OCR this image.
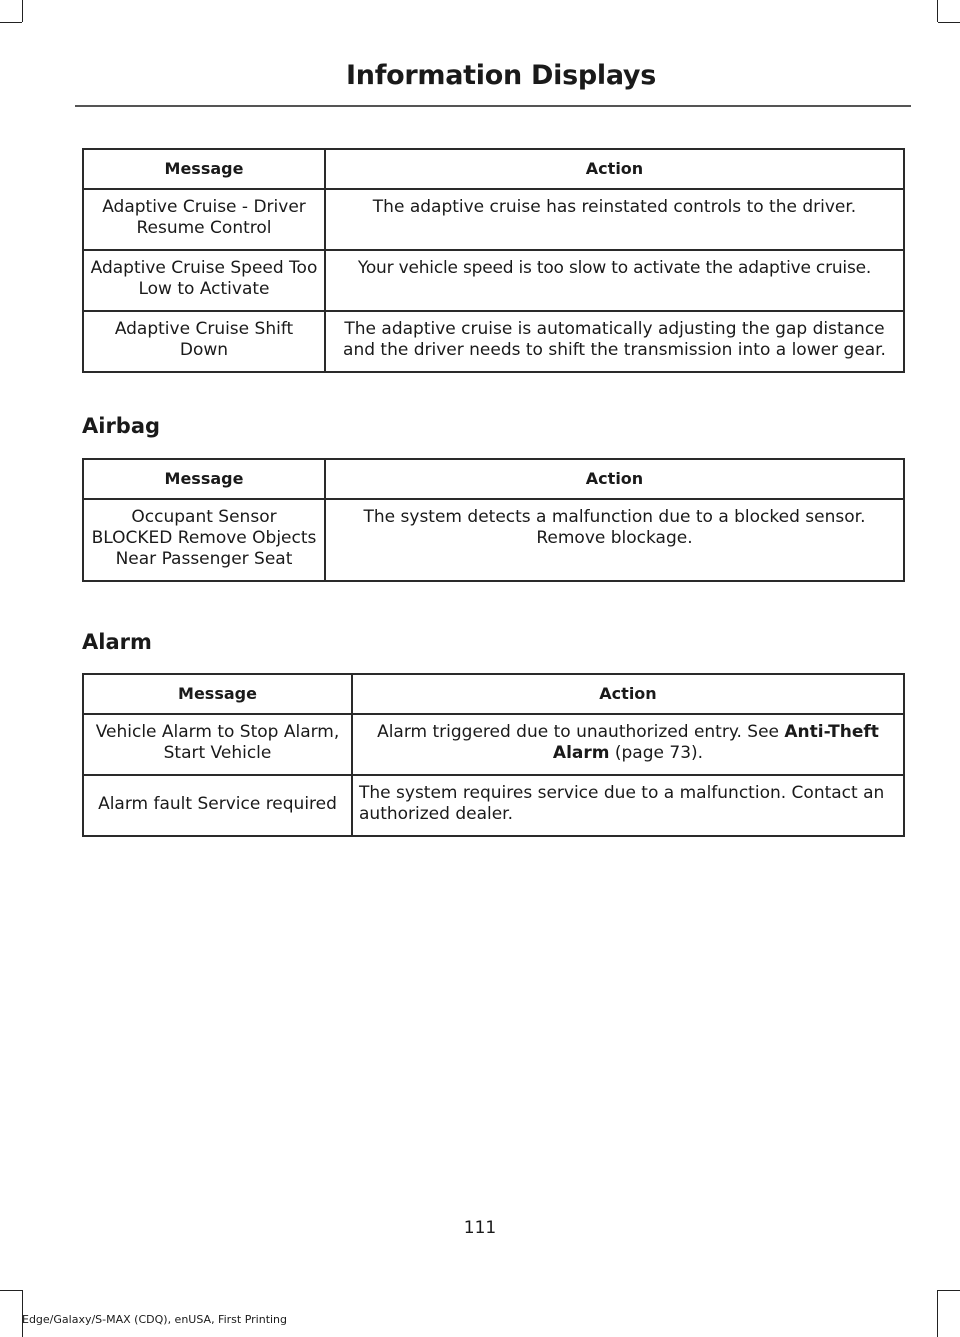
Information Displays
Message	Action
Adaptive Cruise - Driver Resume Control	The adaptive cruise has reinstated controls to the driver.
Adaptive Cruise Speed Too Low to Activate	Your vehicle speed is too slow to activate the adaptive cruise.
Adaptive Cruise Shift Down	The adaptive cruise is automatically adjusting the gap distance and the driver needs to shift the transmission into a lower gear.
Airbag
Message	Action
Occupant Sensor BLOCKED Remove Objects Near Passenger Seat	The system detects a malfunction due to a blocked sensor. Remove blockage.
Alarm
Message	Action
Vehicle Alarm to Stop Alarm, Start Vehicle	Alarm triggered due to unauthorized entry. See Anti-Theft Alarm (page 73).
Alarm fault Service required	The system requires service due to a malfunction. Contact an authorized dealer.
111
Edge/Galaxy/S-MAX (CDQ), enUSA, First Printing
